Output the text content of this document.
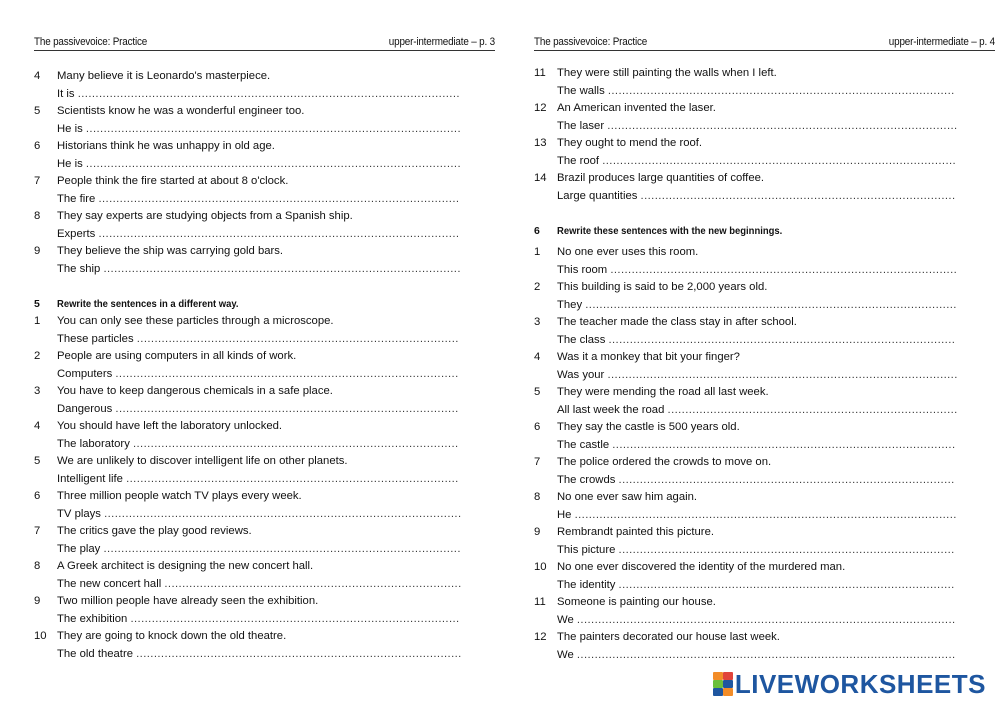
The passivevoice: Practice	upper-intermediate – p. 3
4 Many believe it is Leonardo's masterpiece.
It is ............................................................................................................
5 Scientists know he was a wonderful engineer too.
He is ..........................................................................................................
6 Historians think he was unhappy in old age.
He is ..........................................................................................................
7 People think the fire started at about 8 o'clock.
The fire ......................................................................................................
8 They say experts are studying objects from a Spanish ship.
Experts ......................................................................................................
9 They believe the ship was carrying gold bars.
The ship .....................................................................................................
5 Rewrite the sentences in a different way.
1 You can only see these particles through a microscope.
These particles ...........................................................................................
2 People are using computers in all kinds of work.
Computers .................................................................................................
3 You have to keep dangerous chemicals in a safe place.
Dangerous .................................................................................................
4 You should have left the laboratory unlocked.
The laboratory ............................................................................................
5 We are unlikely to discover intelligent life on other planets.
Intelligent life ..............................................................................................
6 Three million people watch TV plays every week.
TV plays .....................................................................................................
7 The critics gave the play good reviews.
The play .....................................................................................................
8 A Greek architect is designing the new concert hall.
The new concert hall ....................................................................................
9 Two million people have already seen the exhibition.
The exhibition .............................................................................................
10 They are going to knock down the old theatre.
The old theatre ............................................................................................
The passivevoice: Practice	upper-intermediate – p. 4
11 They were still painting the walls when I left.
The walls ..................................................................................................
12 An American invented the laser.
The laser ...................................................................................................
13 They ought to mend the roof.
The roof ....................................................................................................
14 Brazil produces large quantities of coffee.
Large quantities .........................................................................................
6 Rewrite these sentences with the new beginnings.
1 No one ever uses this room.
This room ..................................................................................................
2 This building is said to be 2,000 years old.
They .........................................................................................................
3 The teacher made the class stay in after school.
The class ..................................................................................................
4 Was it a monkey that bit your finger?
Was your ...................................................................................................
5 They were mending the road all last week.
All last week the road ..................................................................................
6 They say the castle is 500 years old.
The castle .................................................................................................
7 The police ordered the crowds to move on.
The crowds ...............................................................................................
8 No one ever saw him again.
He ............................................................................................................
9 Rembrandt painted this picture.
This picture ...............................................................................................
10 No one ever discovered the identity of the murdered man.
The identity ...............................................................................................
11 Someone is painting our house.
We ...........................................................................................................
12 The painters decorated our house last week.
We ...........................................................................................................
LIVEWORKSHEETS
